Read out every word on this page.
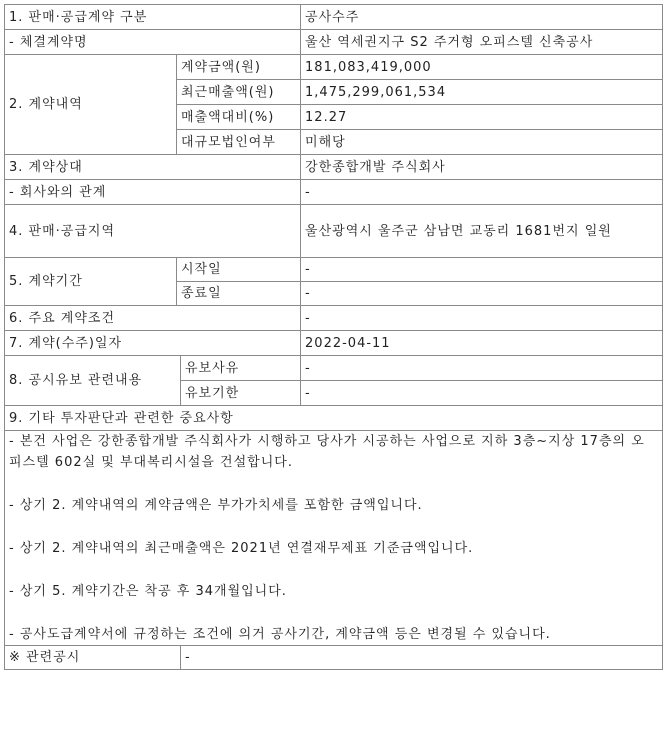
1. 판매·공급계약 구분			공사수주
- 체결계약명			울산 역세권지구 S2 주거형 오피스텔 신축공사
2. 계약내역	계약금액(원)		181,083,419,000
	최근매출액(원)		1,475,299,061,534
	매출액대비(%)		12.27
	대규모법인여부		미해당
3. 계약상대			강한종합개발 주식회사
- 회사와의 관계			-
4. 판매·공급지역			울산광역시 울주군 삼남면 교동리 1681번지 일원
5. 계약기간	시작일		-
	종료일		-
6. 주요 계약조건			-
7. 계약(수주)일자			2022-04-11
8. 공시유보 관련내용		유보사유	-
		유보기한	-
9. 기타 투자판단과 관련한 중요사항			

- 본건 사업은 강한종합개발 주식회사가 시행하고 당사가 시공하는 사업으로 지하 3층~지상 17층의 오피스텔 602실 및 부대복리시설을 건설합니다.
- 상기 2. 계약내역의 계약금액은 부가가치세를 포함한 금액입니다.
- 상기 2. 계약내역의 최근매출액은 2021년 연결재무제표 기준금액입니다.
- 상기 5. 계약기간은 착공 후 34개월입니다.
- 공사도급계약서에 규정하는 조건에 의거 공사기간, 계약금액 등은 변경될 수 있습니다.			

※ 관련공시		-	
